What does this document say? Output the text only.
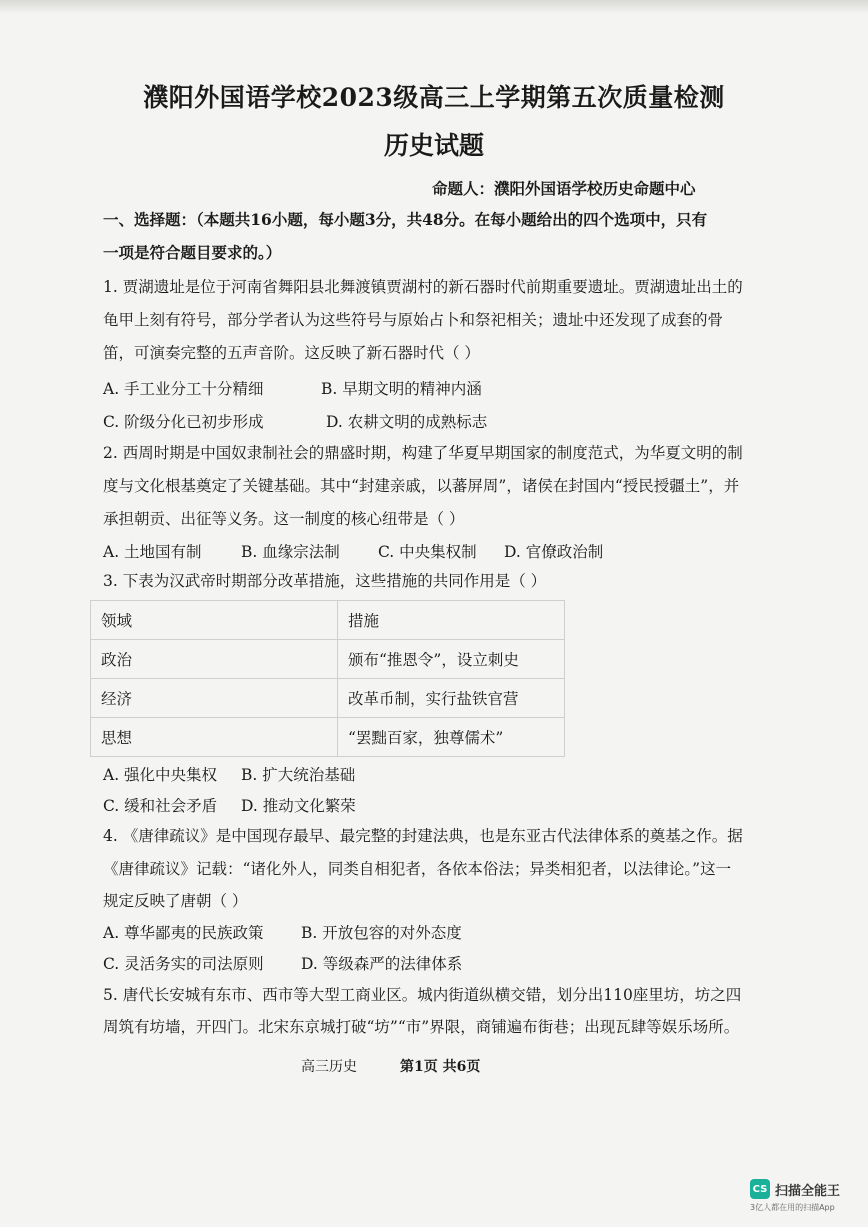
濮阳外国语学校2023级高三上学期第五次质量检测
历史试题
命题人：濮阳外国语学校历史命题中心
一、选择题：（本题共16小题，每小题3分，共48分。在每小题给出的四个选项中，只有
一项是符合题目要求的。）
1. 贾湖遗址是位于河南省舞阳县北舞渡镇贾湖村的新石器时代前期重要遗址。贾湖遗址出土的
龟甲上刻有符号，部分学者认为这些符号与原始占卜和祭祀相关；遗址中还发现了成套的骨
笛，可演奏完整的五声音阶。这反映了新石器时代（ ）
A. 手工业分工十分精细	B. 早期文明的精神内涵
C. 阶级分化已初步形成	D. 农耕文明的成熟标志
2. 西周时期是中国奴隶制社会的鼎盛时期，构建了华夏早期国家的制度范式，为华夏文明的制
度与文化根基奠定了关键基础。其中“封建亲戚，以蕃屏周”，诸侯在封国内“授民授疆土”，并
承担朝贡、出征等义务。这一制度的核心纽带是（ ）
A. 土地国有制	B. 血缘宗法制 C. 中央集权制 D. 官僚政治制
3. 下表为汉武帝时期部分改革措施，这些措施的共同作用是（ ）
领域	措施
政治	颁布“推恩令”，设立刺史
经济	改革币制，实行盐铁官营
思想	“罢黜百家，独尊儒术”
A. 强化中央集权 B. 扩大统治基础
C. 缓和社会矛盾 D. 推动文化繁荣
4. 《唐律疏议》是中国现存最早、最完整的封建法典，也是东亚古代法律体系的奠基之作。据
《唐律疏议》记载：“诸化外人，同类自相犯者，各依本俗法；异类相犯者，以法律论。”这一
规定反映了唐朝（ ）
A. 尊华鄙夷的民族政策 B. 开放包容的对外态度
C. 灵活务实的司法原则 D. 等级森严的法律体系
5. 唐代长安城有东市、西市等大型工商业区。城内街道纵横交错，划分出110座里坊，坊之四
周筑有坊墙，开四门。北宋东京城打破“坊”“市”界限，商铺遍布街巷；出现瓦肆等娱乐场所。
高三历史	第1页 共6页
CS 扫描全能王
3亿人都在用的扫描App
